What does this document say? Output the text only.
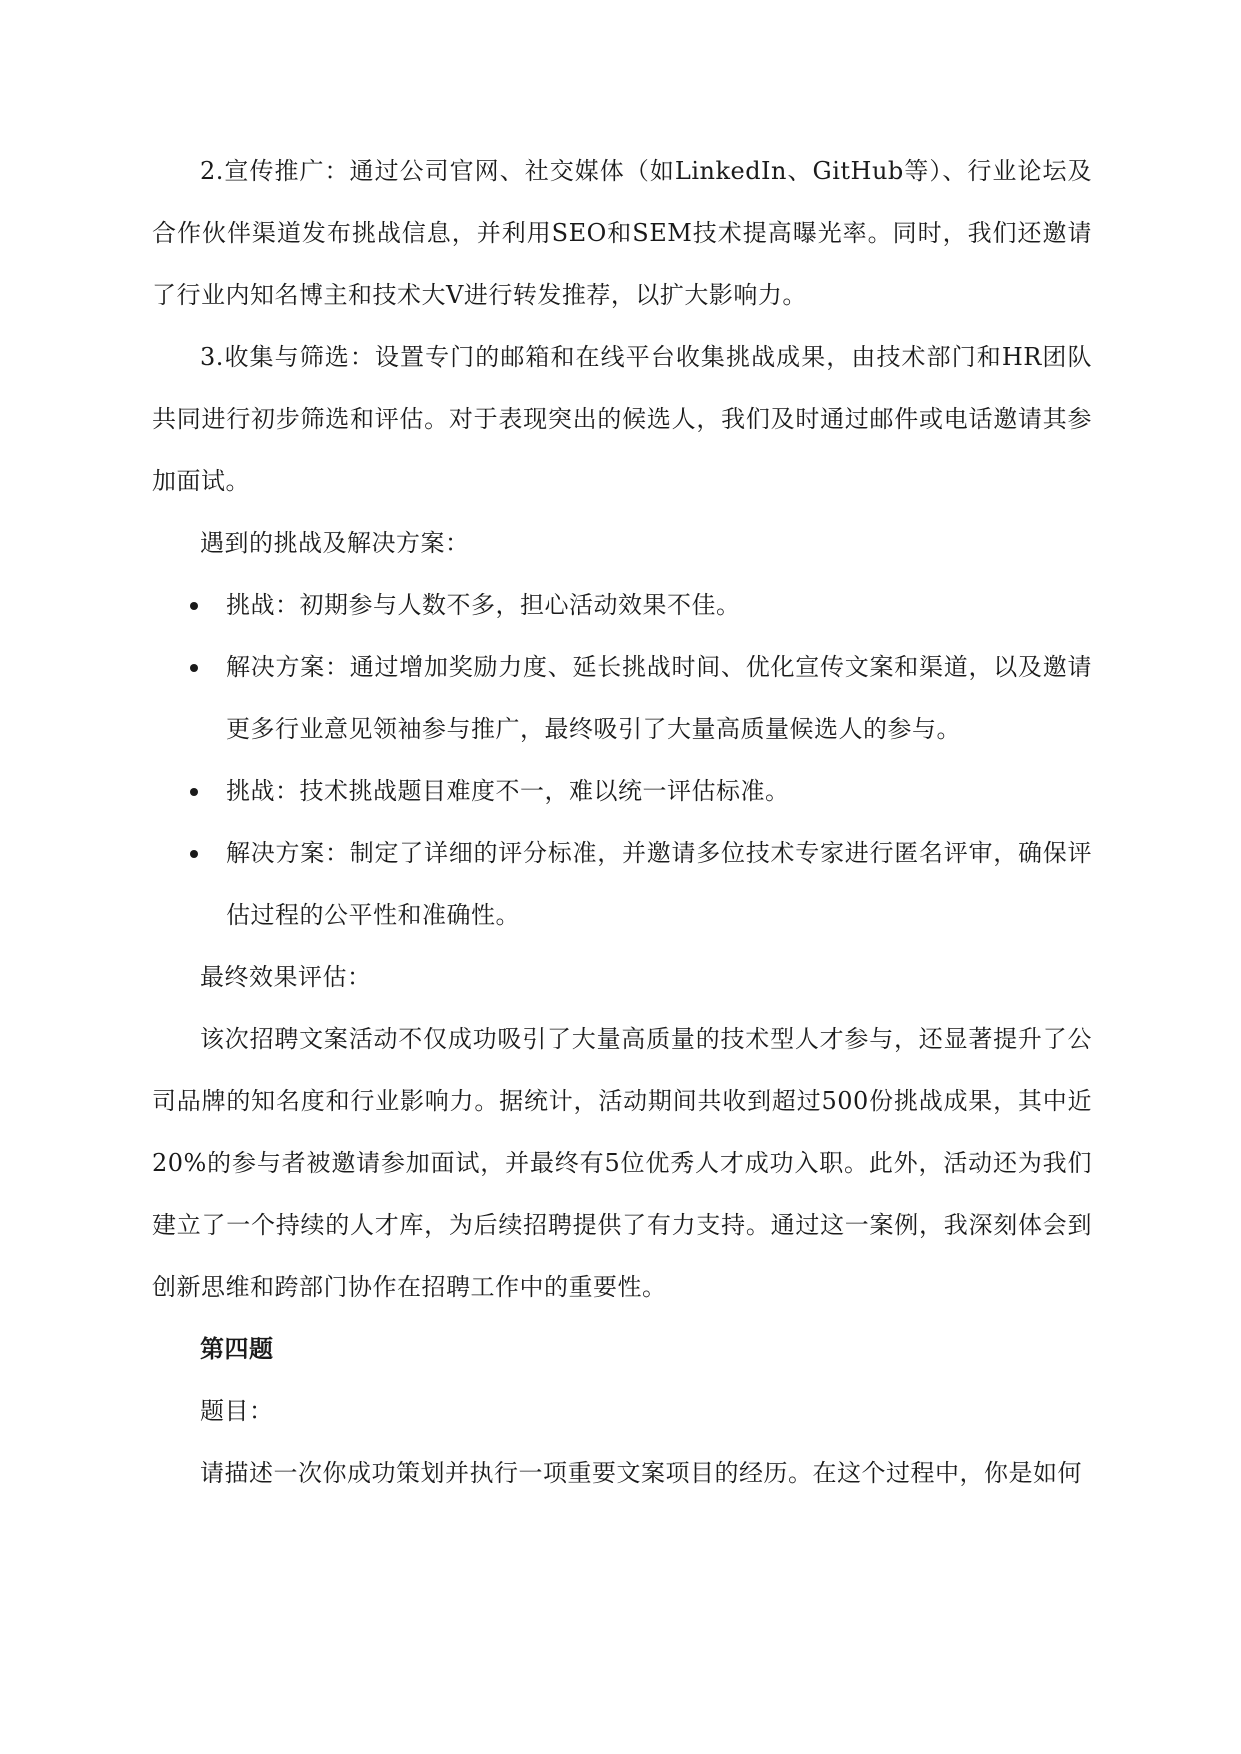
2.宣传推广：通过公司官网、社交媒体（如LinkedIn、GitHub等）、行业论坛及合作伙伴渠道发布挑战信息，并利用SEO和SEM技术提高曝光率。同时，我们还邀请了行业内知名博主和技术大V进行转发推荐，以扩大影响力。

3.收集与筛选：设置专门的邮箱和在线平台收集挑战成果，由技术部门和HR团队共同进行初步筛选和评估。对于表现突出的候选人，我们及时通过邮件或电话邀请其参加面试。

遇到的挑战及解决方案：

挑战：初期参与人数不多，担心活动效果不佳。
解决方案：通过增加奖励力度、延长挑战时间、优化宣传文案和渠道，以及邀请更多行业意见领袖参与推广，最终吸引了大量高质量候选人的参与。
挑战：技术挑战题目难度不一，难以统一评估标准。
解决方案：制定了详细的评分标准，并邀请多位技术专家进行匿名评审，确保评估过程的公平性和准确性。

最终效果评估：

该次招聘文案活动不仅成功吸引了大量高质量的技术型人才参与，还显著提升了公司品牌的知名度和行业影响力。据统计，活动期间共收到超过500份挑战成果，其中近20%的参与者被邀请参加面试，并最终有5位优秀人才成功入职。此外，活动还为我们建立了一个持续的人才库，为后续招聘提供了有力支持。通过这一案例，我深刻体会到创新思维和跨部门协作在招聘工作中的重要性。

第四题

题目：

请描述一次你成功策划并执行一项重要文案项目的经历。在这个过程中，你是如何
